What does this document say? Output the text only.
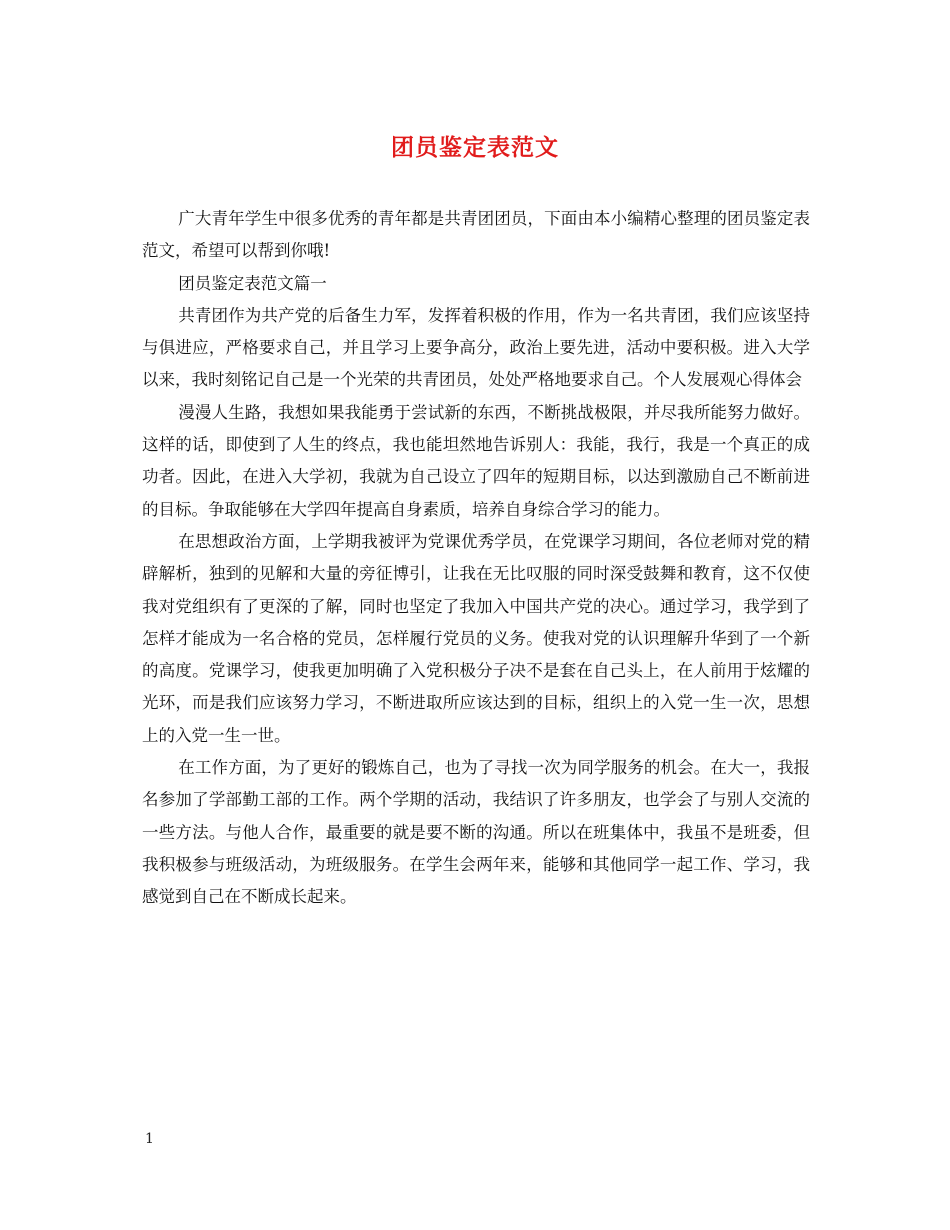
团员鉴定表范文

广大青年学生中很多优秀的青年都是共青团团员，下面由本小编精心整理的团员鉴定表范文，希望可以帮到你哦!

团员鉴定表范文篇一

共青团作为共产党的后备生力军，发挥着积极的作用，作为一名共青团，我们应该坚持与俱进应，严格要求自己，并且学习上要争高分，政治上要先进，活动中要积极。进入大学以来，我时刻铭记自己是一个光荣的共青团员，处处严格地要求自己。个人发展观心得体会

漫漫人生路，我想如果我能勇于尝试新的东西，不断挑战极限，并尽我所能努力做好。这样的话，即使到了人生的终点，我也能坦然地告诉别人：我能，我行，我是一个真正的成功者。因此，在进入大学初，我就为自己设立了四年的短期目标，以达到激励自己不断前进的目标。争取能够在大学四年提高自身素质，培养自身综合学习的能力。

在思想政治方面，上学期我被评为党课优秀学员，在党课学习期间，各位老师对党的精辟解析，独到的见解和大量的旁征博引，让我在无比叹服的同时深受鼓舞和教育，这不仅使我对党组织有了更深的了解，同时也坚定了我加入中国共产党的决心。通过学习，我学到了怎样才能成为一名合格的党员，怎样履行党员的义务。使我对党的认识理解升华到了一个新的高度。党课学习，使我更加明确了入党积极分子决不是套在自己头上，在人前用于炫耀的光环，而是我们应该努力学习，不断进取所应该达到的目标，组织上的入党一生一次，思想上的入党一生一世。

在工作方面，为了更好的锻炼自己，也为了寻找一次为同学服务的机会。在大一，我报名参加了学部勤工部的工作。两个学期的活动，我结识了许多朋友，也学会了与别人交流的一些方法。与他人合作，最重要的就是要不断的沟通。所以在班集体中，我虽不是班委，但我积极参与班级活动，为班级服务。在学生会两年来，能够和其他同学一起工作、学习，我感觉到自己在不断成长起来。

1
